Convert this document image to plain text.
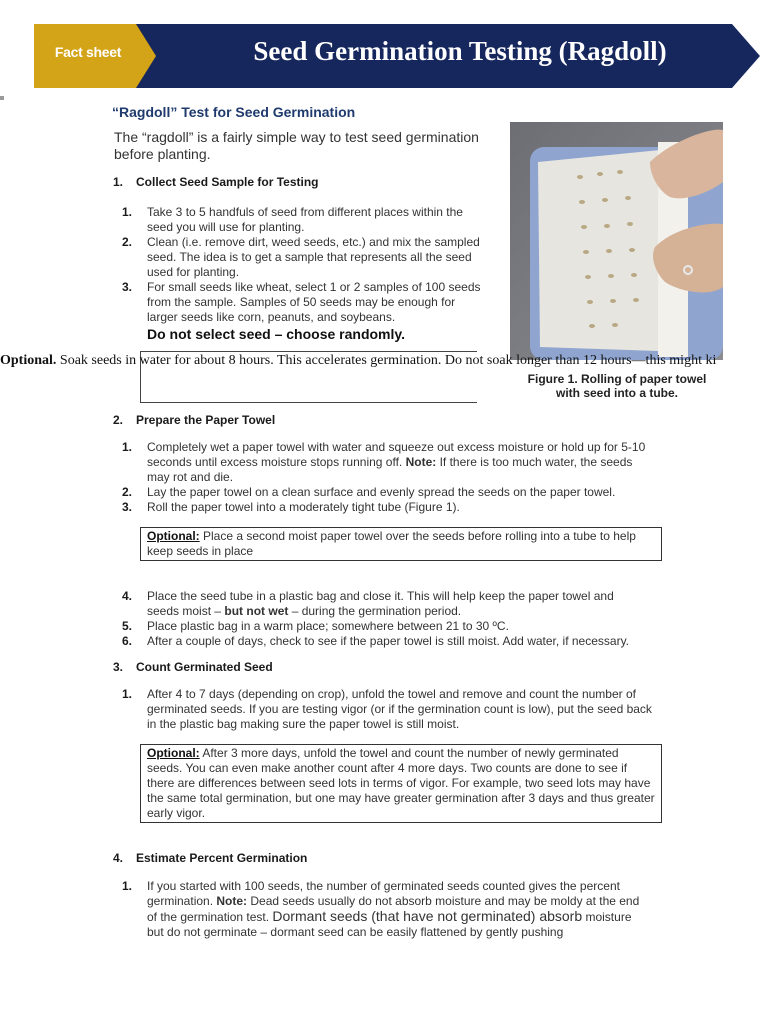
Fact sheet	Seed Germination Testing (Ragdoll)
“Ragdoll” Test for Seed Germination
The “ragdoll” is a fairly simple way to test seed germination before planting.
1. Collect Seed Sample for Testing
1. Take 3 to 5 handfuls of seed from different places within the seed you will use for planting.
2. Clean (i.e. remove dirt, weed seeds, etc.) and mix the sampled seed. The idea is to get a sample that represents all the seed used for planting.
3. For small seeds like wheat, select 1 or 2 samples of 100 seeds from the sample. Samples of 50 seeds may be enough for larger seeds like corn, peanuts, and soybeans.
Do not select seed – choose randomly.
Figure 1. Rolling of paper towel
with seed into a tube.
Optional. Soak seeds in water for about 8 hours. This accelerates germination. Do not soak longer than 12 hours—this might ki
2. Prepare the Paper Towel
1. Completely wet a paper towel with water and squeeze out excess moisture or hold up for 5-10 seconds until excess moisture stops running off. Note: If there is too much water, the seeds may rot and die.
2. Lay the paper towel on a clean surface and evenly spread the seeds on the paper towel.
3. Roll the paper towel into a moderately tight tube (Figure 1).
Optional: Place a second moist paper towel over the seeds before rolling into a tube to help keep seeds in place
4. Place the seed tube in a plastic bag and close it. This will help keep the paper towel and seeds moist – but not wet – during the germination period.
5. Place plastic bag in a warm place; somewhere between 21 to 30 ºC.
6. After a couple of days, check to see if the paper towel is still moist. Add water, if necessary.
3. Count Germinated Seed
1. After 4 to 7 days (depending on crop), unfold the towel and remove and count the number of germinated seeds. If you are testing vigor (or if the germination count is low), put the seed back in the plastic bag making sure the paper towel is still moist.
Optional: After 3 more days, unfold the towel and count the number of newly germinated seeds. You can even make another count after 4 more days. Two counts are done to see if there are differences between seed lots in terms of vigor. For example, two seed lots may have the same total germination, but one may have greater germination after 3 days and thus greater early vigor.
4. Estimate Percent Germination
1. If you started with 100 seeds, the number of germinated seeds counted gives the percent germination. Note: Dead seeds usually do not absorb moisture and may be moldy at the end of the germination test. Dormant seeds (that have not germinated) absorb moisture but do not germinate – dormant seed can be easily flattened by gently pushing
